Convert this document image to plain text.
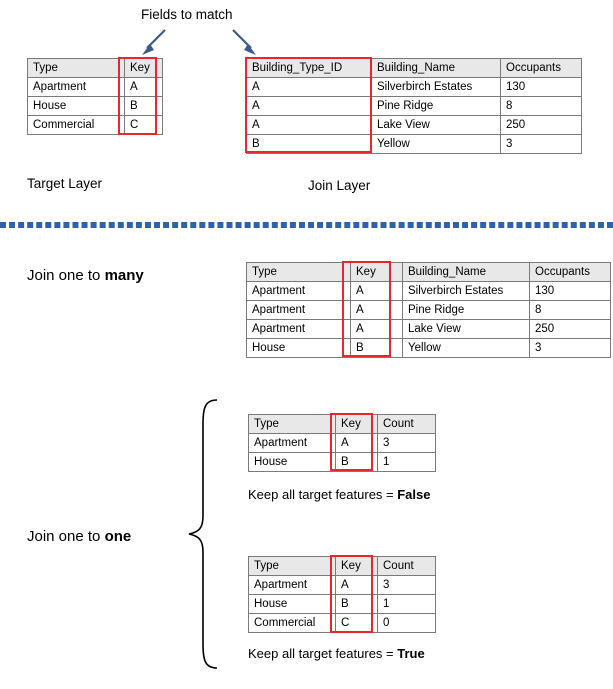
Fields to match
Type	Key
Apartment	A
House	B
Commercial	C
Building_Type_ID	Building_Name	Occupants
A	Silverbirch Estates	130
A	Pine Ridge	8
A	Lake View	250
B	Yellow	3
Target Layer	Join Layer
Join one to many	Type	Key	Building_Name	Occupants
Apartment	A	Silverbirch Estates	130
Apartment	A	Pine Ridge	8
Apartment	A	Lake View	250
House	B	Yellow	3
Join one to one
Type	Key	Count
Apartment	A	3
House	B	1
Keep all target features = False
Type	Key	Count
Apartment	A	3
House	B	1
Commercial	C	0
Keep all target features = True
